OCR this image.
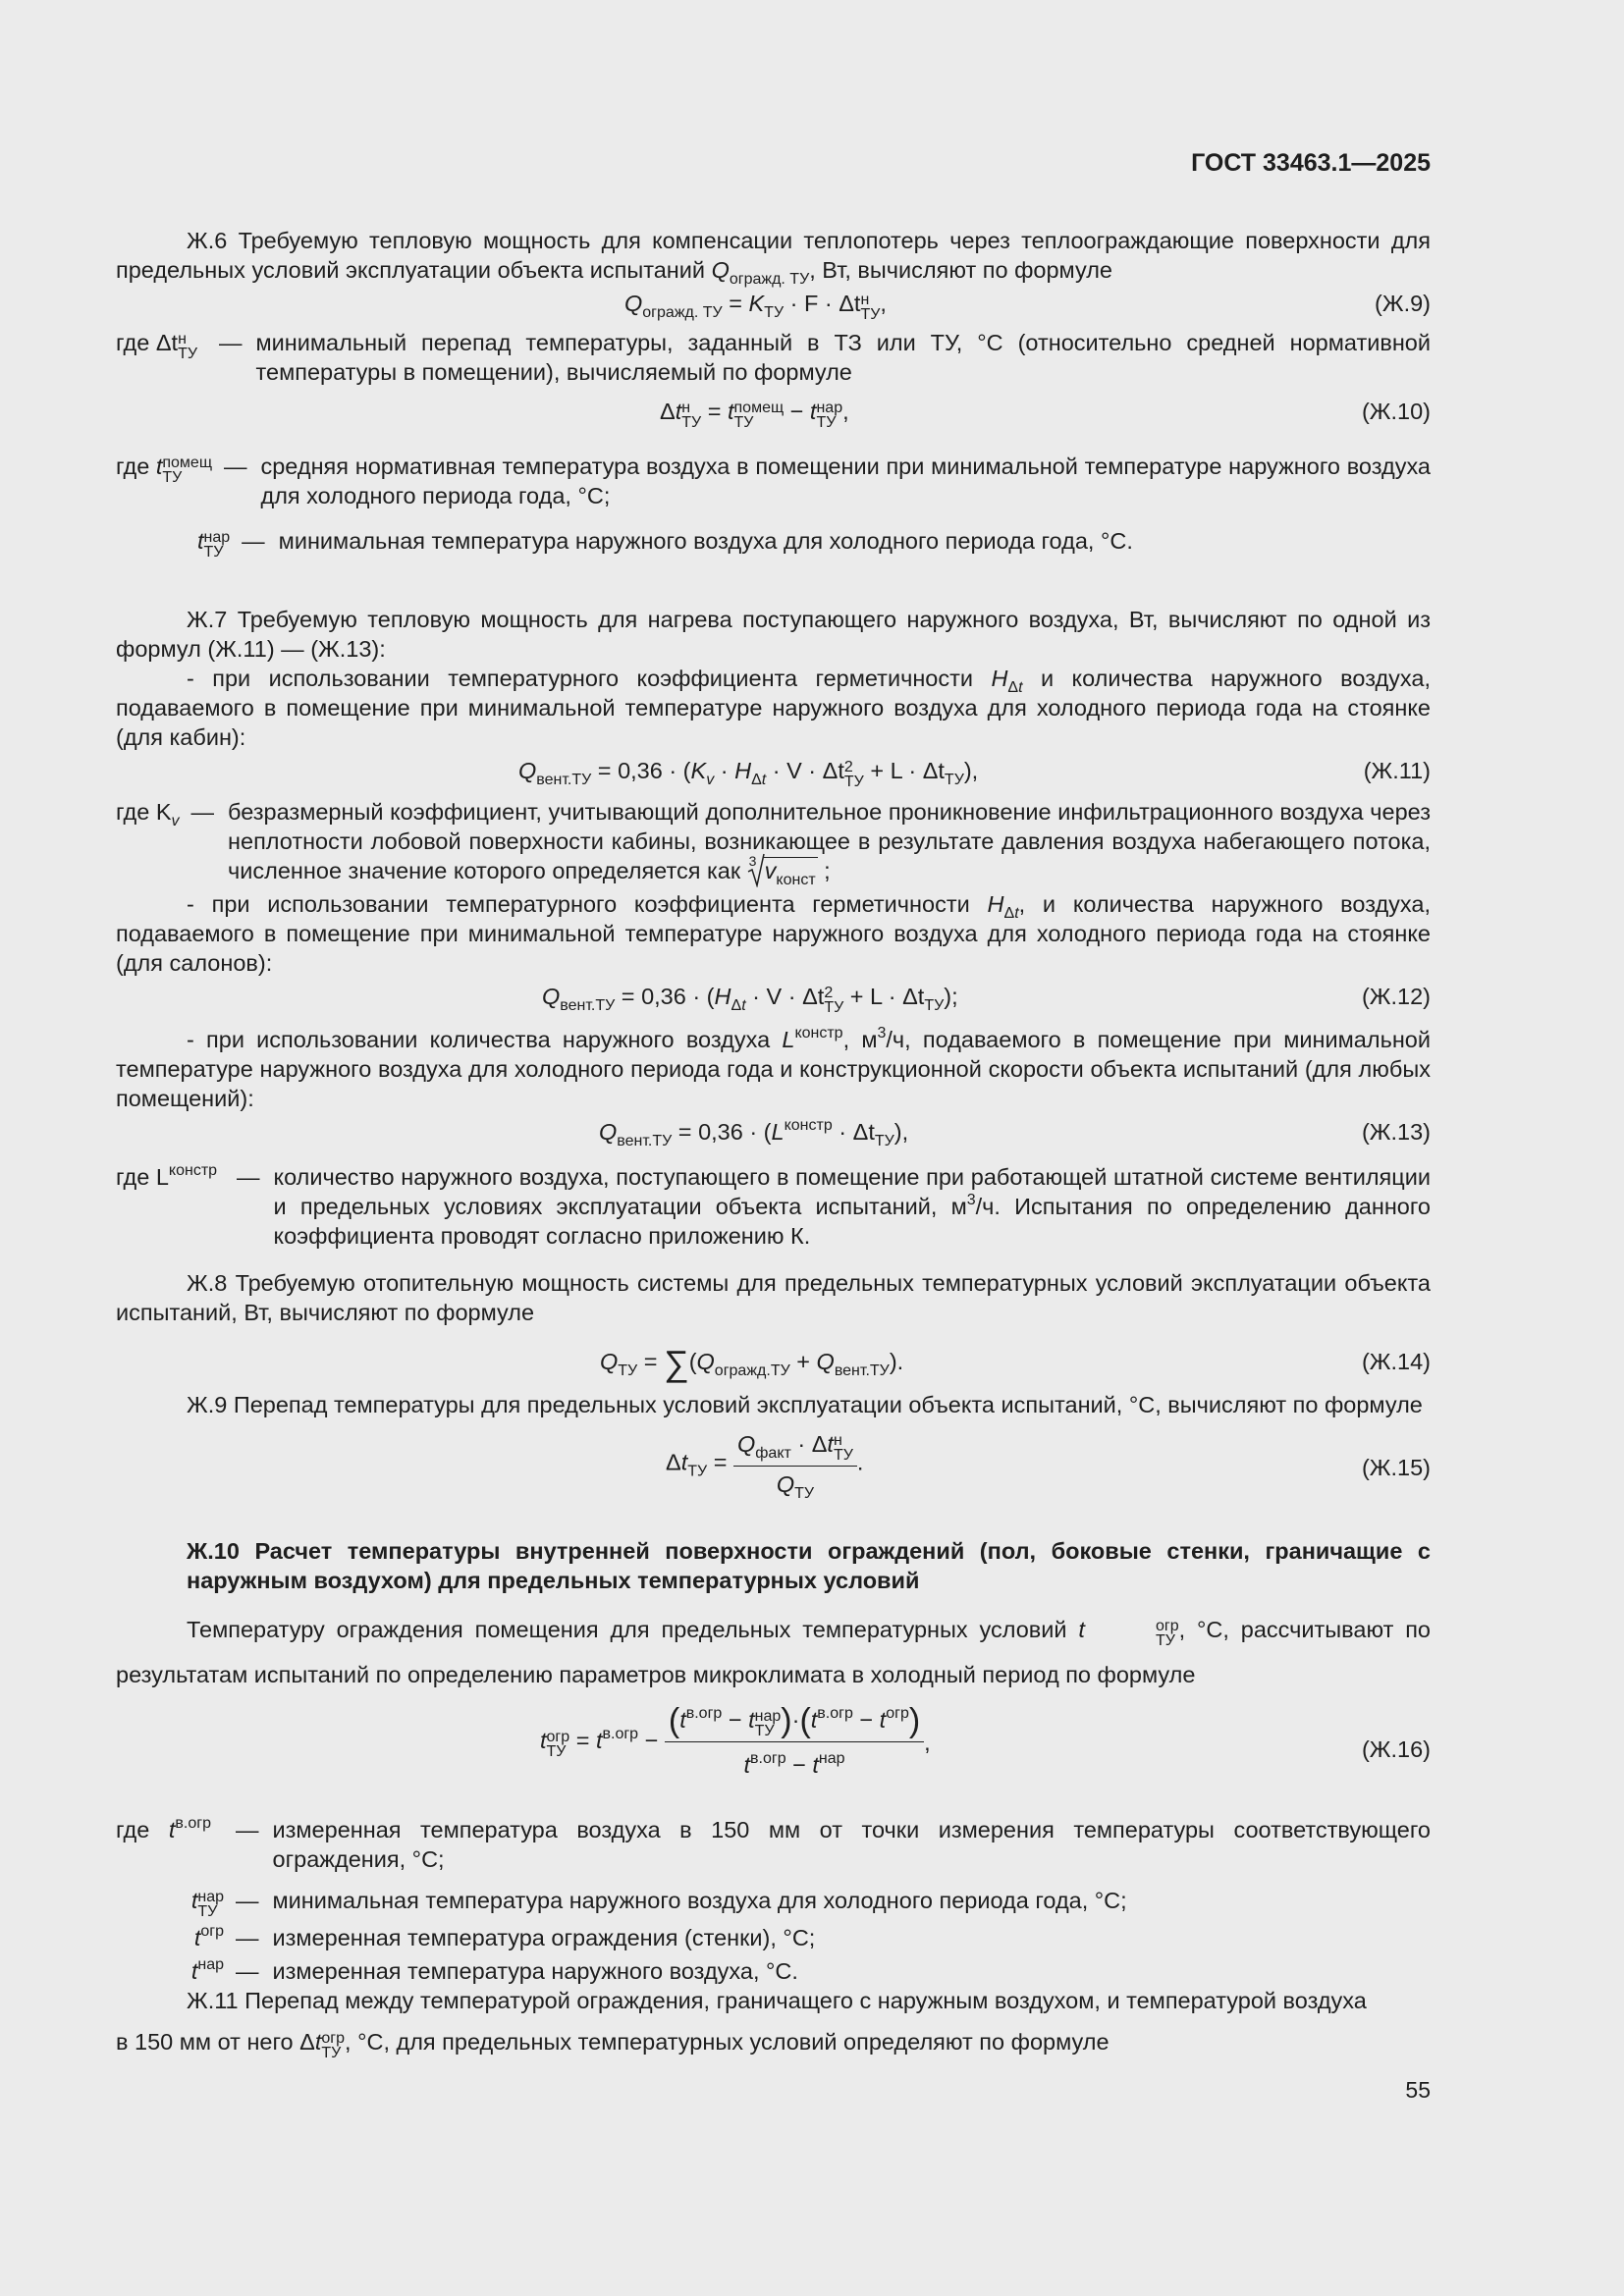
ГОСТ 33463.1—2025

Ж.6 Требуемую тепловую мощность для компенсации теплопотерь через теплоограждающие поверхности для предельных условий эксплуатации объекта испытаний $Q_{огражд. ТУ}$, Вт, вычисляют по формуле

$Q_{огражд. ТУ} = K_{ТУ} \cdot F \cdot \Delta t$ н
ТУ ,	(Ж.9)
где Δt н
ТУ — минимальный перепад температуры, заданный в ТЗ или ТУ, °С (относительно средней нормативной температуры в помещении), вычисляемый по формуле
Δt н
ТУ = t помещ
ТУ	− t нар
ТУ ,	(Ж.10)
где t помещ
ТУ	— средняя нормативная температура воздуха в помещении при минимальной температуре наружного воздуха для холодного периода года, °С;
t нар
ТУ — минимальная температура наружного воздуха для холодного периода года, °С.

Ж.7 Требуемую тепловую мощность для нагрева поступающего наружного воздуха, Вт, вычисляют по одной из формул (Ж.11) — (Ж.13):

- при использовании температурного коэффициента герметичности $H_{\Delta t}$ и количества наружного воздуха, подаваемого в помещение при минимальной температуре наружного воздуха для холодного периода года на стоянке (для кабин):

$Q_{вент.ТУ} = 0,36 \cdot (K_v \cdot H_{\Delta t} \cdot V \cdot \Delta t$ 2
ТУ + $L \cdot \Delta t_{ТУ}$),	(Ж.11)
где $K_v$ — безразмерный коэффициент, учитывающий дополнительное проникновение инфильтрационного воздуха через неплотности лобовой поверхности кабины, возникающее в результате давления воздуха набегающего потока, численное значение которого определяется как 3 $v_{конст}$ ;

- при использовании температурного коэффициента герметичности $H_{\Delta t}$, и количества наружного воздуха, подаваемого в помещение при минимальной температуре наружного воздуха для холодного периода года на стоянке (для салонов):

$Q_{вент.ТУ} = 0,36 \cdot (H_{\Delta t} \cdot V \cdot \Delta t$ 2
ТУ + $L \cdot \Delta t_{ТУ}$);	(Ж.12)

- при использовании количества наружного воздуха $L^{констр}$, $м^3/ч$, подаваемого в помещение при минимальной температуре наружного воздуха для холодного периода года и конструкционной скорости объекта испытаний (для любых помещений):

$Q_{вент.ТУ} = 0,36 \cdot (L^{констр} \cdot \Delta t_{ТУ})$,	(Ж.13)
где $L^{констр}$ — количество наружного воздуха, поступающего в помещение при работающей штатной системе вентиляции и предельных условиях эксплуатации объекта испытаний, $м^3/ч$. Испытания по определению данного коэффициента проводят согласно приложению К.

Ж.8 Требуемую отопительную мощность системы для предельных температурных условий эксплуатации объекта испытаний, Вт, вычисляют по формуле

$Q_{ТУ} = \sum(Q_{огражд.ТУ} + Q_{вент.ТУ})$.	(Ж.14)

Ж.9 Перепад температуры для предельных условий эксплуатации объекта испытаний, °С, вычисляют по формуле

$\Delta t_{ТУ} = Q_{факт} \cdot \Delta t$ н
ТУ
$Q_{ТУ}$ .	(Ж.15)

Ж.10 Расчет температуры внутренней поверхности ограждений (пол, боковые стенки, граничащие с наружным воздухом) для предельных температурных условий

Температуру ограждения помещения для предельных температурных условий t	огр
ТУ , °С, рассчитывают по результатам испытаний по определению параметров микроклимата в холодный период по формуле

t огр
ТУ = $t^{в.огр} - (t^{в.огр} - t$ нар
ТУ )$\cdot(t^{в.огр} - t^{огр})$
$t^{в.огр} - t^{нар}$ ,	(Ж.16)
где   $t^{в.огр}$	— измеренная температура воздуха в 150 мм от точки измерения температуры соответствующего ограждения, °С;
t нар
ТУ — минимальная температура наружного воздуха для холодного периода года, °С;
$t^{огр}$ — измеренная температура ограждения (стенки), °С;
$t^{нар}$ — измеренная температура наружного воздуха, °С.

Ж.11 Перепад между температурой ограждения, граничащего с наружным воздухом, и температурой воздуха

в 150 мм от него Δt огр
ТУ , °С, для предельных температурных условий определяют по формуле

55
